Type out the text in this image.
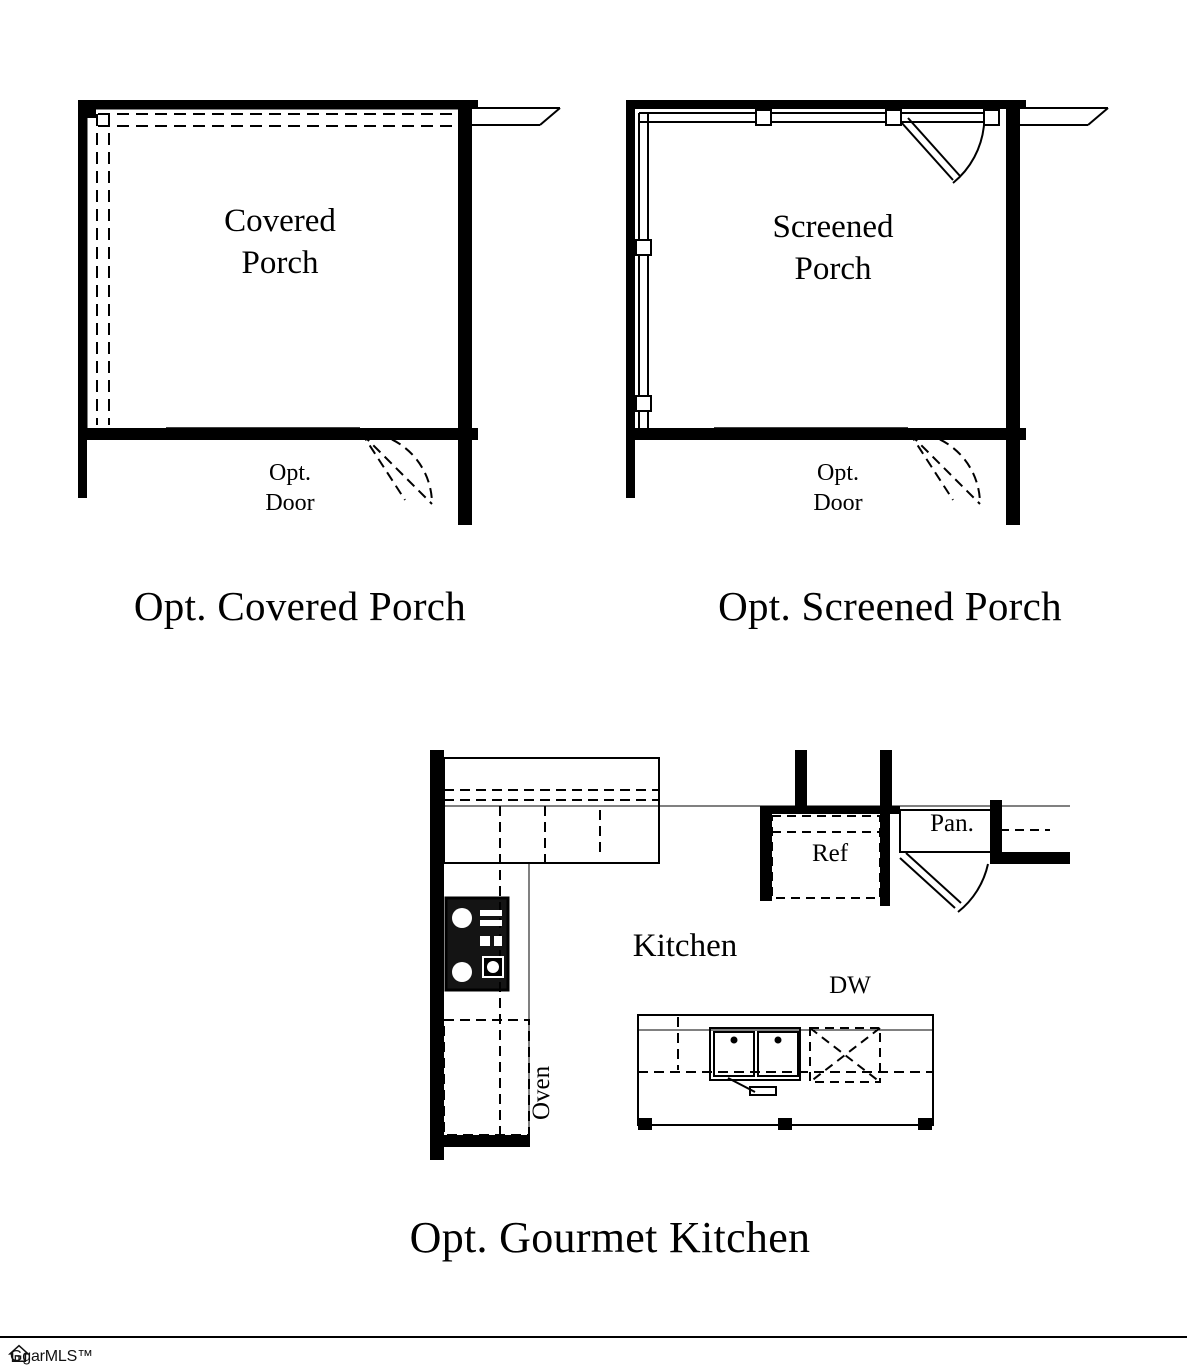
Covered
Porch
Opt.
Door
Opt. Covered Porch
Screened
Porch
Opt.
Door
Opt. Screened Porch
Kitchen
Ref
Pan.
DW
Oven
Opt. Gourmet Kitchen
GgarMLS™
